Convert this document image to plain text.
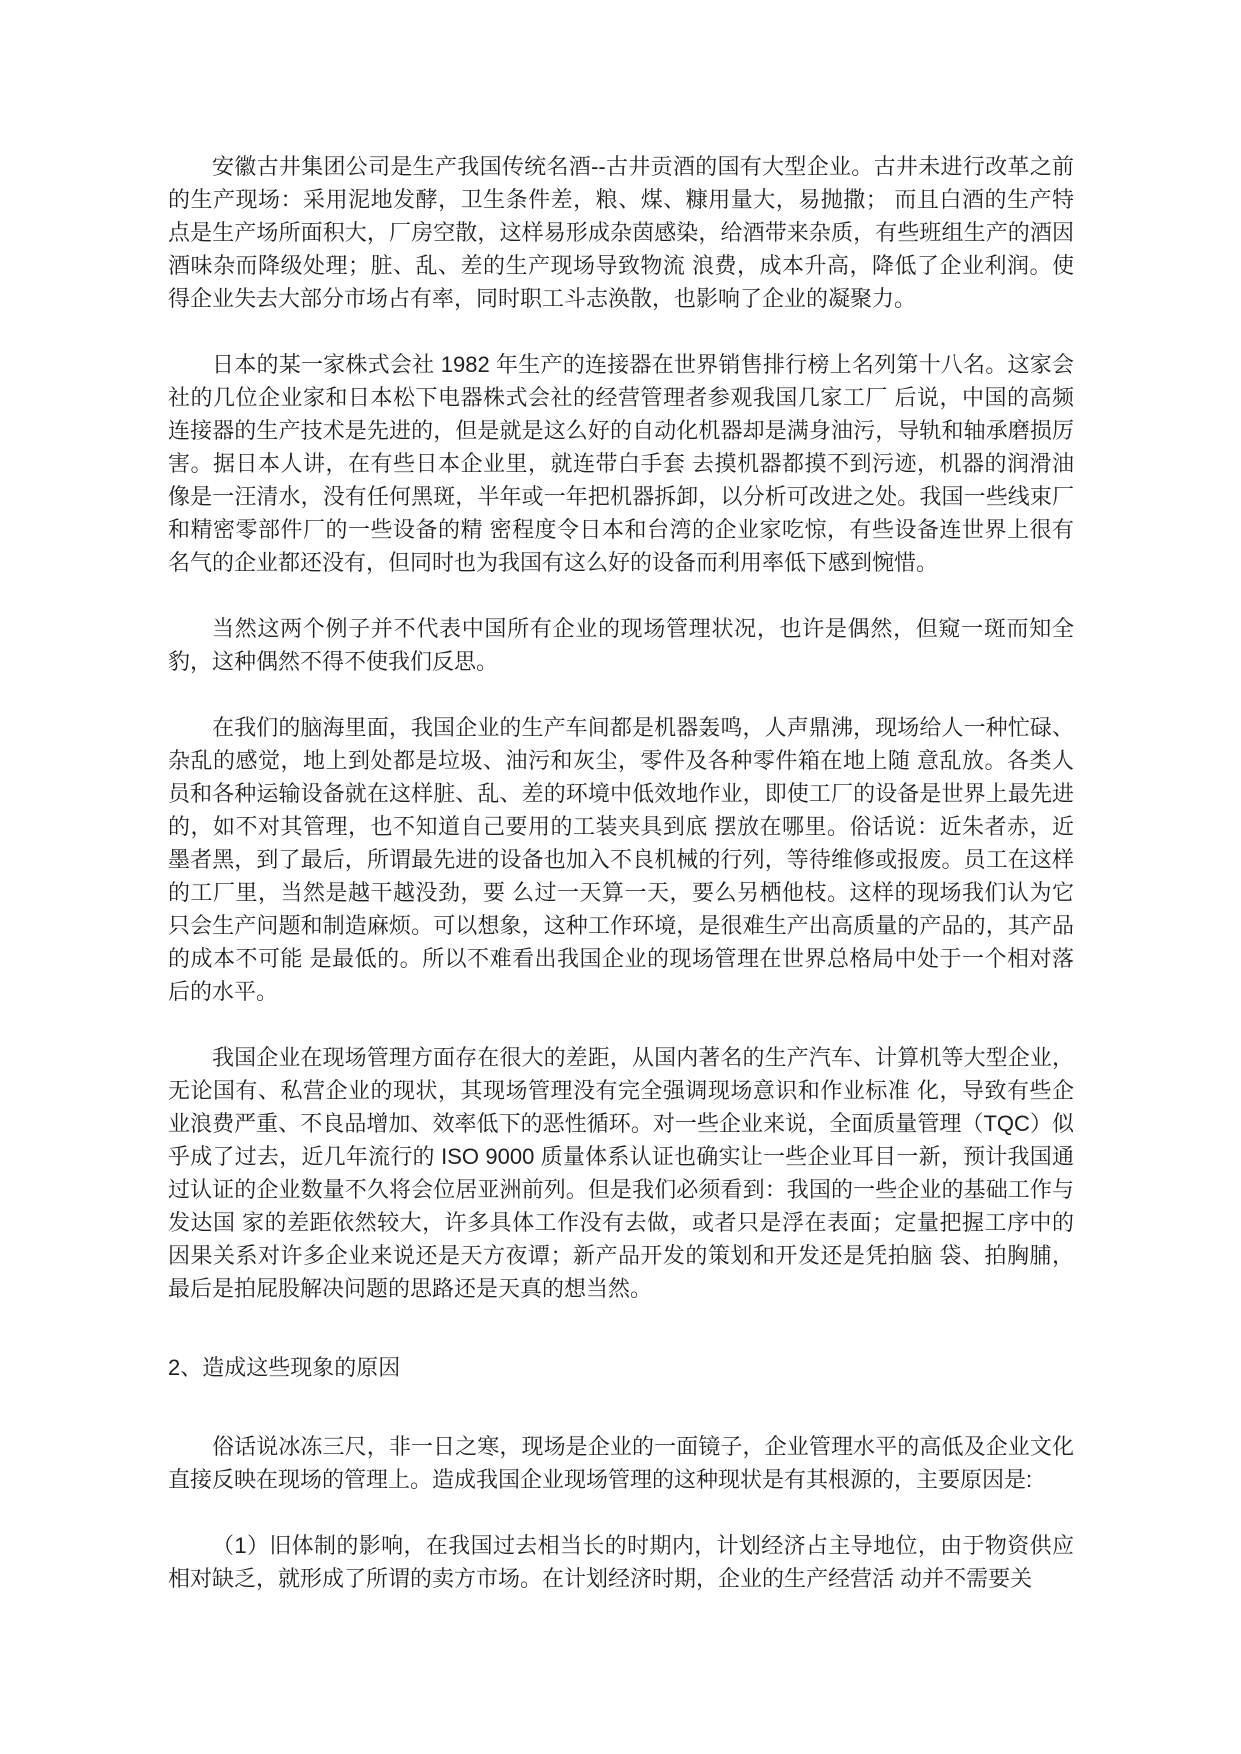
安徽古井集团公司是生产我国传统名酒--古井贡酒的国有大型企业。古井未进行改革之前的生产现场：采用泥地发酵，卫生条件差，粮、煤、糠用量大，易抛撒； 而且白酒的生产特点是生产场所面积大，厂房空散，这样易形成杂茵感染，给酒带来杂质，有些班组生产的酒因酒味杂而降级处理；脏、乱、差的生产现场导致物流 浪费，成本升高，降低了企业利润。使得企业失去大部分市场占有率，同时职工斗志涣散，也影响了企业的凝聚力。

日本的某一家株式会社 1982 年生产的连接器在世界销售排行榜上名列第十八名。这家会社的几位企业家和日本松下电器株式会社的经营管理者参观我国几家工厂 后说，中国的高频连接器的生产技术是先进的，但是就是这么好的自动化机器却是满身油污，导轨和轴承磨损厉害。据日本人讲，在有些日本企业里，就连带白手套 去摸机器都摸不到污迹，机器的润滑油像是一汪清水，没有任何黑斑，半年或一年把机器拆卸，以分析可改进之处。我国一些线束厂和精密零部件厂的一些设备的精 密程度令日本和台湾的企业家吃惊，有些设备连世界上很有名气的企业都还没有，但同时也为我国有这么好的设备而利用率低下感到惋惜。

当然这两个例子并不代表中国所有企业的现场管理状况，也许是偶然，但窥一斑而知全豹，这种偶然不得不使我们反思。

在我们的脑海里面，我国企业的生产车间都是机器轰鸣，人声鼎沸，现场给人一种忙碌、杂乱的感觉，地上到处都是垃圾、油污和灰尘，零件及各种零件箱在地上随 意乱放。各类人员和各种运输设备就在这样脏、乱、差的环境中低效地作业，即使工厂的设备是世界上最先进的，如不对其管理，也不知道自己要用的工装夹具到底 摆放在哪里。俗话说：近朱者赤，近墨者黑，到了最后，所谓最先进的设备也加入不良机械的行列，等待维修或报废。员工在这样的工厂里，当然是越干越没劲，要 么过一天算一天，要么另栖他枝。这样的现场我们认为它只会生产问题和制造麻烦。可以想象，这种工作环境，是很难生产出高质量的产品的，其产品的成本不可能 是最低的。所以不难看出我国企业的现场管理在世界总格局中处于一个相对落后的水平。

我国企业在现场管理方面存在很大的差距，从国内著名的生产汽车、计算机等大型企业，无论国有、私营企业的现状，其现场管理没有完全强调现场意识和作业标准 化，导致有些企业浪费严重、不良品增加、效率低下的恶性循环。对一些企业来说，全面质量管理（TQC）似乎成了过去，近几年流行的 ISO 9000 质量体系认证也确实让一些企业耳目一新，预计我国通过认证的企业数量不久将会位居亚洲前列。但是我们必须看到：我国的一些企业的基础工作与发达国 家的差距依然较大，许多具体工作没有去做，或者只是浮在表面；定量把握工序中的因果关系对许多企业来说还是天方夜谭；新产品开发的策划和开发还是凭拍脑 袋、拍胸脯，最后是拍屁股解决问题的思路还是天真的想当然。

2、造成这些现象的原因

俗话说冰冻三尺，非一日之寒，现场是企业的一面镜子，企业管理水平的高低及企业文化直接反映在现场的管理上。造成我国企业现场管理的这种现状是有其根源的，主要原因是:

（1）旧体制的影响，在我国过去相当长的时期内，计划经济占主导地位，由于物资供应相对缺乏，就形成了所谓的卖方市场。在计划经济时期，企业的生产经营活 动并不需要关
